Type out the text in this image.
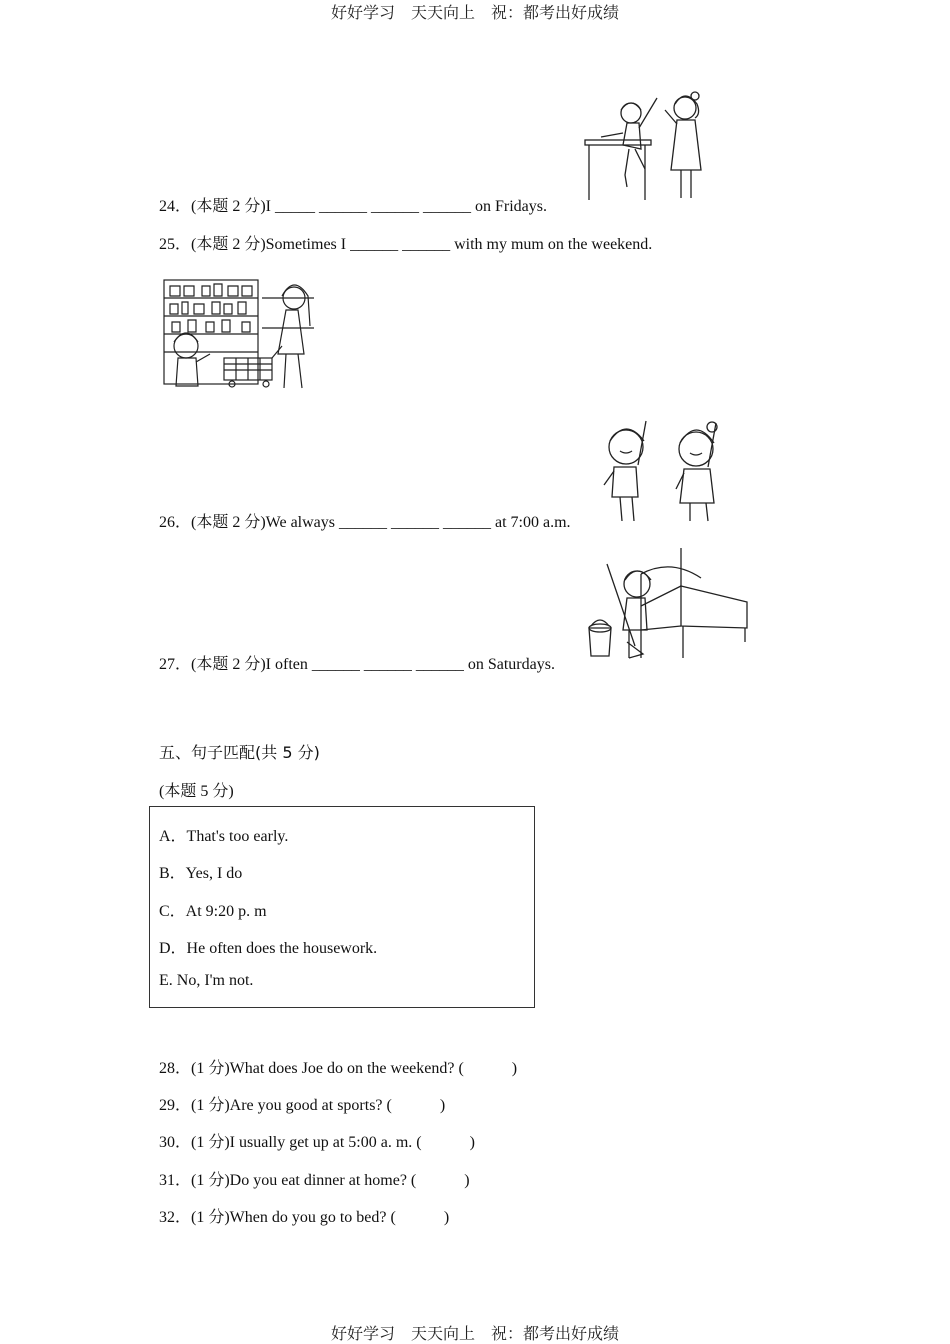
好好学习　天天向上　祝：都考出好成绩
24．(本题 2 分)I _____ ______ ______ ______ on Fridays.
25．(本题 2 分)Sometimes I ______ ______ with my mum on the weekend.
26．(本题 2 分)We always ______ ______ ______ at 7:00 a.m.
27．(本题 2 分)I often ______ ______ ______ on Saturdays.
五、句子匹配(共 5 分)
(本题 5 分)
A．That's too early.
B．Yes, I do
C．At 9:20 p. m
D．He often does the housework.
E. No, I'm not.
28．(1 分)What does Joe do on the weekend? (            )
29．(1 分)Are you good at sports? (            )
30．(1 分)I usually get up at 5:00 a. m. (            )
31．(1 分)Do you eat dinner at home? (            )
32．(1 分)When do you go to bed? (            )
好好学习　天天向上　祝：都考出好成绩
